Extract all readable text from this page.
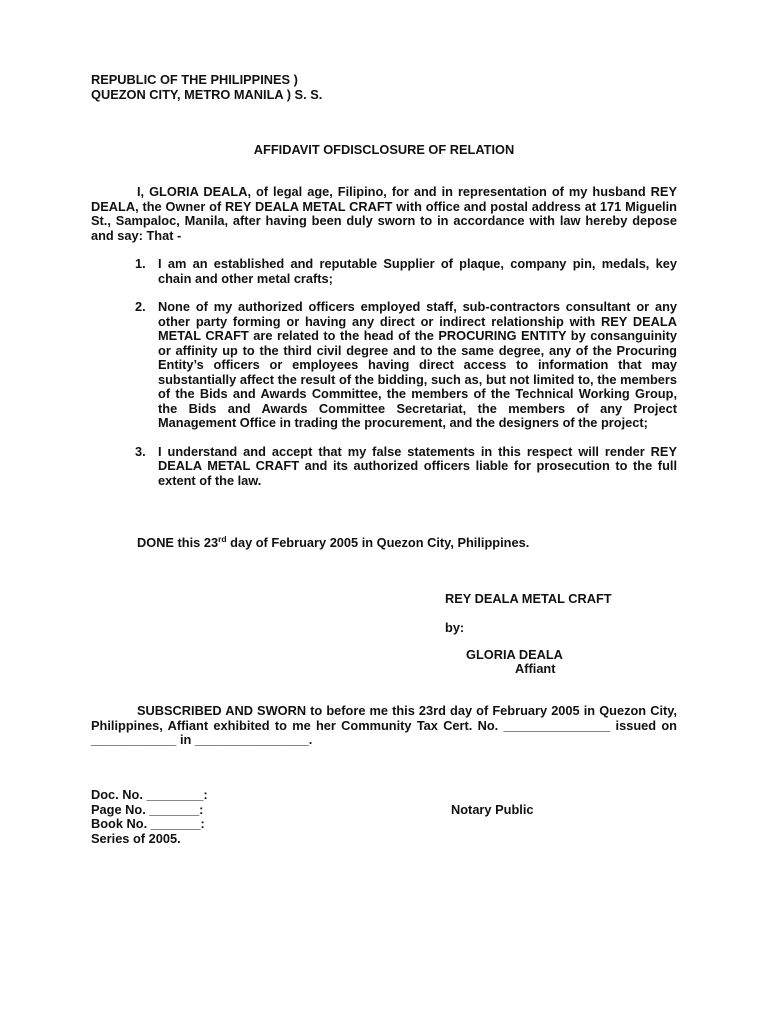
REPUBLIC OF THE PHILIPPINES )
QUEZON CITY, METRO MANILA ) S. S.
AFFIDAVIT OFDISCLOSURE OF RELATION
I, GLORIA DEALA, of legal age, Filipino, for and in representation of my husband REY DEALA, the Owner of REY DEALA METAL CRAFT with office and postal address at 171 Miguelin St., Sampaloc, Manila, after having been duly sworn to in accordance with law hereby depose and say: That -
1. I am an established and reputable Supplier of plaque, company pin, medals, key chain and other metal crafts;
2. None of my authorized officers employed staff, sub-contractors consultant or any other party forming or having any direct or indirect relationship with REY DEALA METAL CRAFT are related to the head of the PROCURING ENTITY by consanguinity or affinity up to the third civil degree and to the same degree, any of the Procuring Entity’s officers or employees having direct access to information that may substantially affect the result of the bidding, such as, but not limited to, the members of the Bids and Awards Committee, the members of the Technical Working Group, the Bids and Awards Committee Secretariat, the members of any Project Management Office in trading the procurement, and the designers of the project;
3. I understand and accept that my false statements in this respect will render REY DEALA METAL CRAFT and its authorized officers liable for prosecution to the full extent of the law.
DONE this 23rd day of February 2005 in Quezon City, Philippines.
REY DEALA METAL CRAFT
by:
GLORIA DEALA
Affiant
SUBSCRIBED AND SWORN to before me this 23rd day of February 2005 in Quezon City, Philippines, Affiant exhibited to me her Community Tax Cert. No. _______________ issued on ____________ in ________________.
Doc. No. ________:
Page No. _______:
Book No. _______:
Series of 2005.
Notary Public
